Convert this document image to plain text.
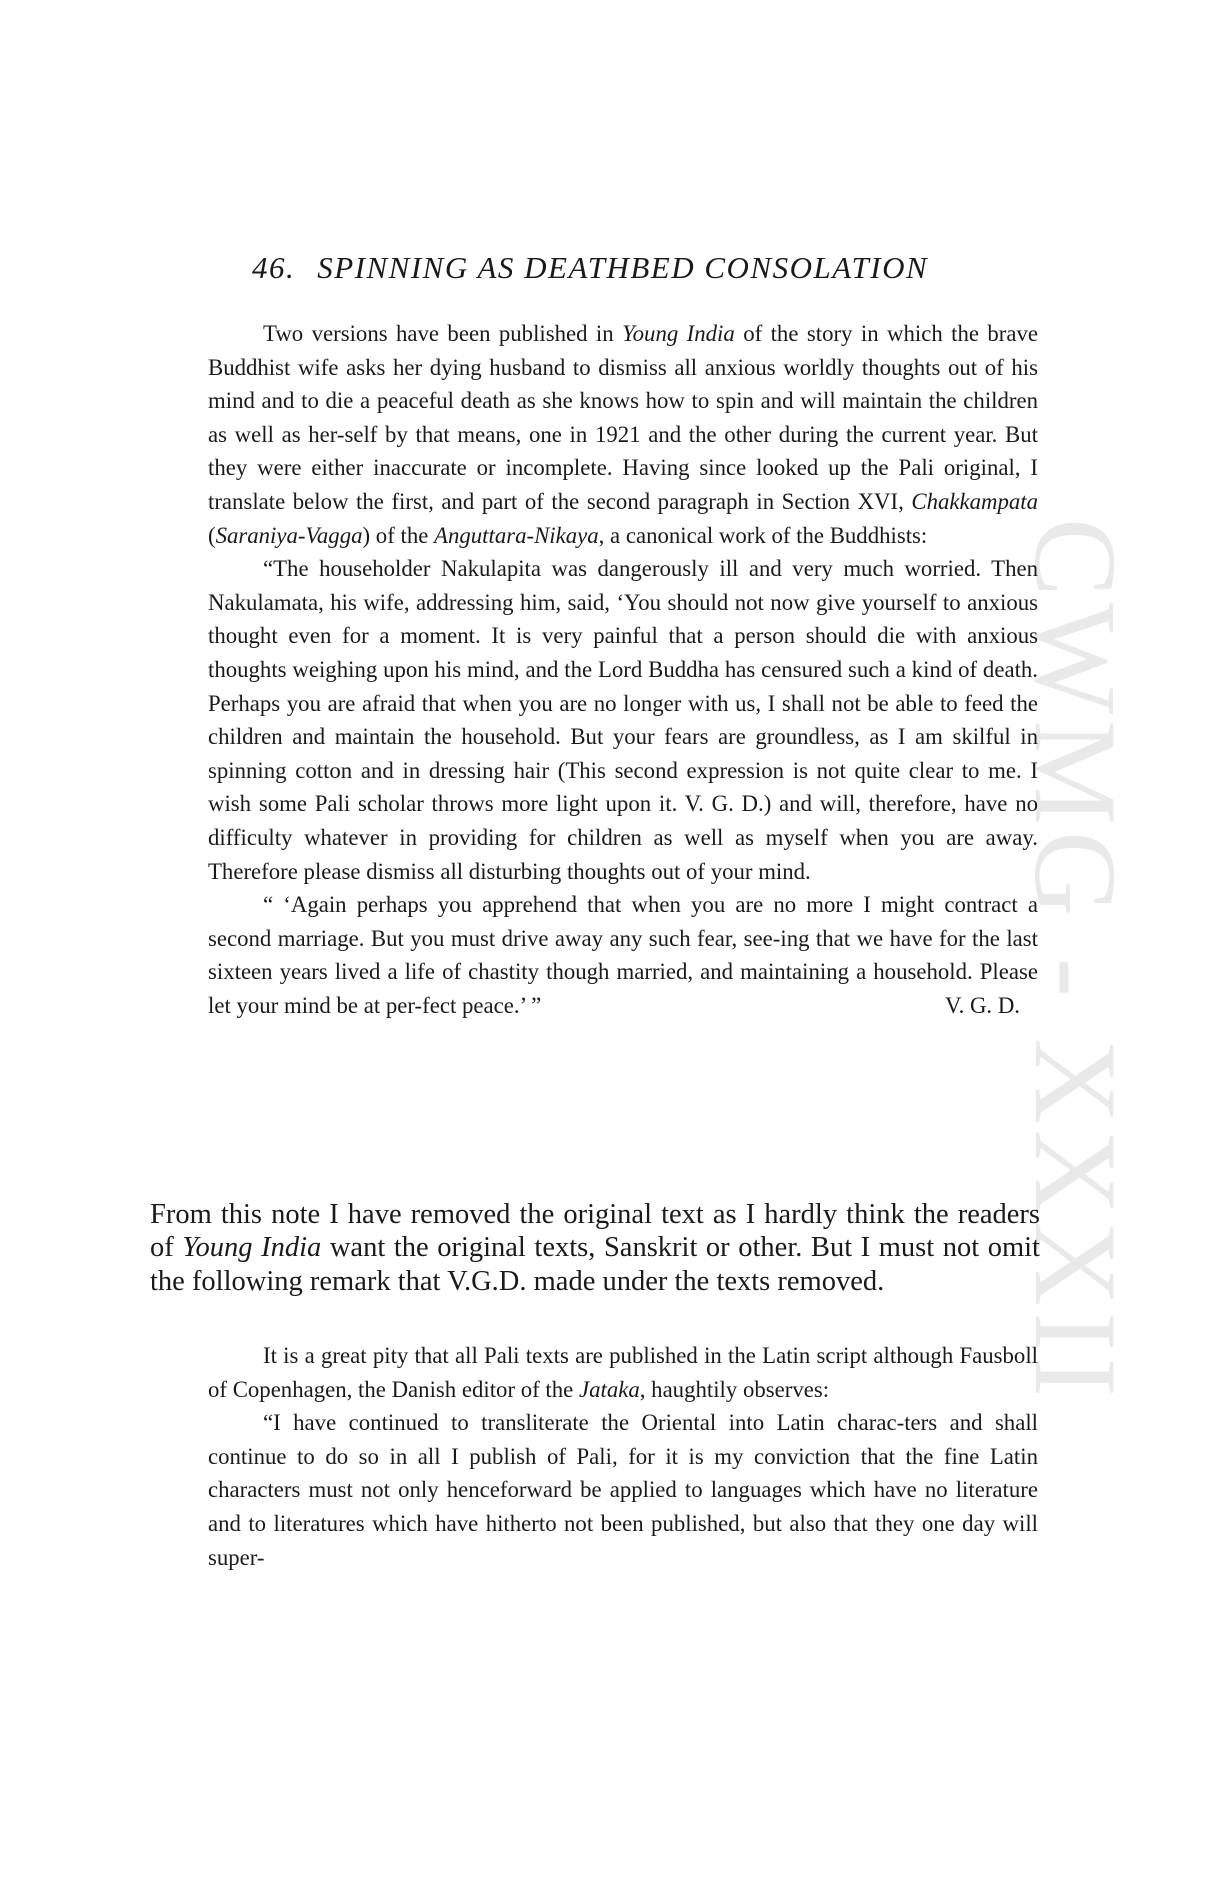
CWMG - XXXII
46. SPINNING AS DEATHBED CONSOLATION

Two versions have been published in Young India of the story in which the brave Buddhist wife asks her dying husband to dismiss all anxious worldly thoughts out of his mind and to die a peaceful death as she knows how to spin and will maintain the children as well as her-self by that means, one in 1921 and the other during the current year. But they were either inaccurate or incomplete. Having since looked up the Pali original, I translate below the first, and part of the second paragraph in Section XVI, Chakkampata (Saraniya-Vagga) of the Anguttara-Nikaya, a canonical work of the Buddhists:

“The householder Nakulapita was dangerously ill and very much worried. Then Nakulamata, his wife, addressing him, said, ‘You should not now give yourself to anxious thought even for a moment. It is very painful that a person should die with anxious thoughts weighing upon his mind, and the Lord Buddha has censured such a kind of death. Perhaps you are afraid that when you are no longer with us, I shall not be able to feed the children and maintain the household. But your fears are groundless, as I am skilful in spinning cotton and in dressing hair (This second expression is not quite clear to me. I wish some Pali scholar throws more light upon it. V. G. D.) and will, therefore, have no difficulty whatever in providing for children as well as myself when you are away. Therefore please dismiss all disturbing thoughts out of your mind.

“ ‘Again perhaps you apprehend that when you are no more I might contract a second marriage. But you must drive away any such fear, see-ing that we have for the last sixteen years lived a life of chastity though married, and maintaining a household. Please let your mind be at per-fect peace.’ ”	V. G. D.

From this note I have removed the original text as I hardly think the readers of Young India want the original texts, Sanskrit or other. But I must not omit the following remark that V.G.D. made under the texts removed.

It is a great pity that all Pali texts are published in the Latin script although Fausboll of Copenhagen, the Danish editor of the Jataka, haughtily observes:

“I have continued to transliterate the Oriental into Latin charac-ters and shall continue to do so in all I publish of Pali, for it is my conviction that the fine Latin characters must not only henceforward be applied to languages which have no literature and to literatures which have hitherto not been published, but also that they one day will super-
